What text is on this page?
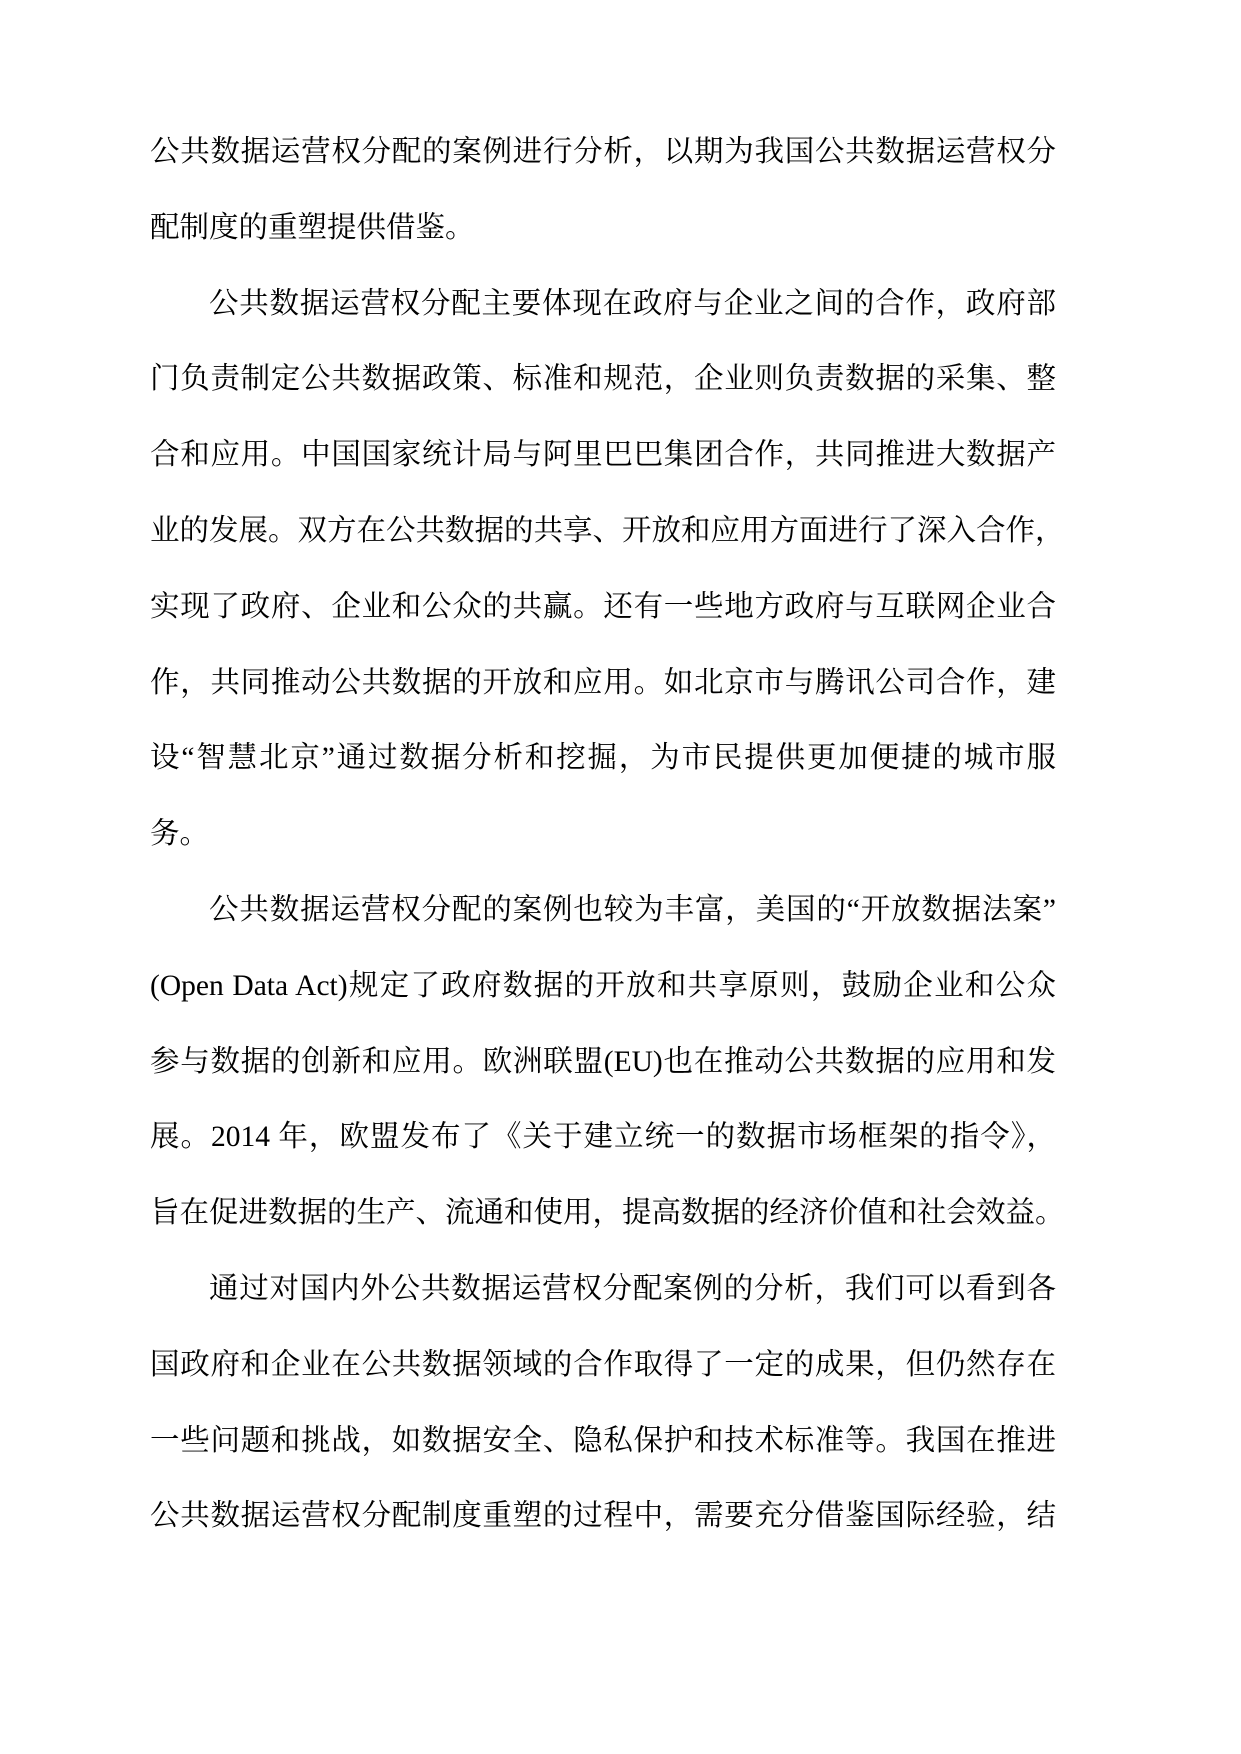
公共数据运营权分配的案例进行分析，以期为我国公共数据运营权分
配制度的重塑提供借鉴。
公共数据运营权分配主要体现在政府与企业之间的合作，政府部
门负责制定公共数据政策、标准和规范，企业则负责数据的采集、整
合和应用。中国国家统计局与阿里巴巴集团合作，共同推进大数据产
业的发展。双方在公共数据的共享、开放和应用方面进行了深入合作，
实现了政府、企业和公众的共赢。还有一些地方政府与互联网企业合
作，共同推动公共数据的开放和应用。如北京市与腾讯公司合作，建
设“智慧北京”通过数据分析和挖掘，为市民提供更加便捷的城市服
务。
公共数据运营权分配的案例也较为丰富，美国的“开放数据法案”
(Open Data Act)规定了政府数据的开放和共享原则，鼓励企业和公众
参与数据的创新和应用。欧洲联盟(EU)也在推动公共数据的应用和发
展。2014 年，欧盟发布了《关于建立统一的数据市场框架的指令》，
旨在促进数据的生产、流通和使用，提高数据的经济价值和社会效益。
通过对国内外公共数据运营权分配案例的分析，我们可以看到各
国政府和企业在公共数据领域的合作取得了一定的成果，但仍然存在
一些问题和挑战，如数据安全、隐私保护和技术标准等。我国在推进
公共数据运营权分配制度重塑的过程中，需要充分借鉴国际经验，结
